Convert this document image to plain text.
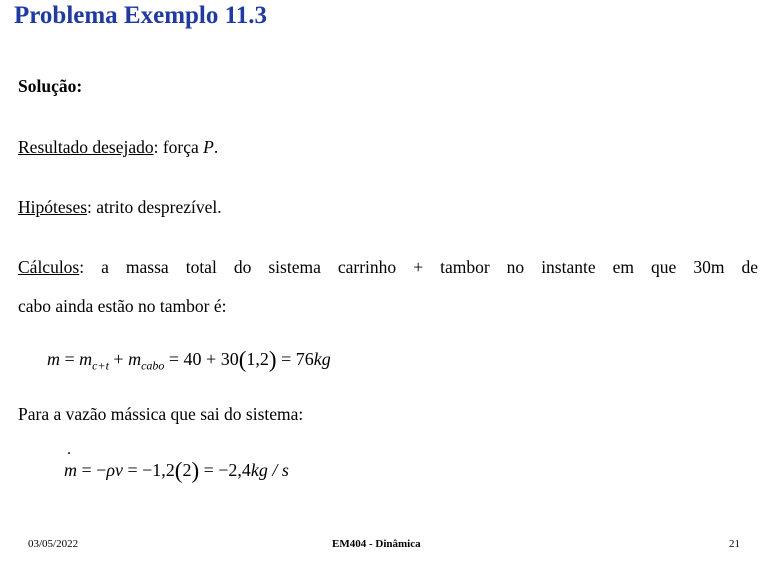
Problema Exemplo 11.3
Solução:
Resultado desejado: força P.
Hipóteses: atrito desprezível.
Cálculos: a massa total do sistema carrinho + tambor no instante em que 30m de
cabo ainda estão no tambor é:
$m = m_{c+t} + m_{cabo} = 40 + 30(1,2) = 76kg$
Para a vazão mássica que sai do sistema:
˙ m = −ρv = −1,2(2) = −2,4kg / s
03/05/2022	EM404 - Dinâmica	21
